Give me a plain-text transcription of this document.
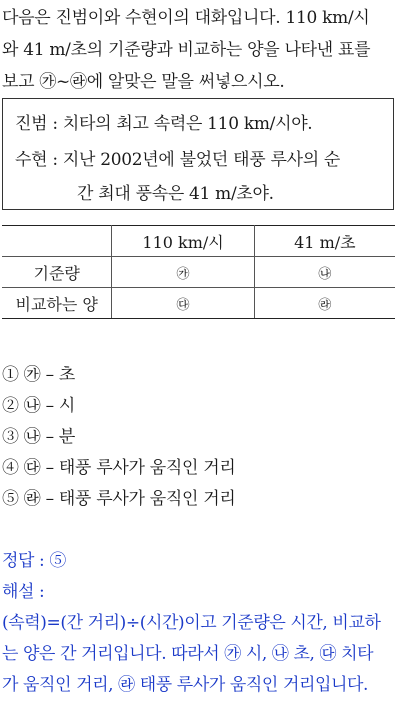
다음은 진범이와 수현이의 대화입니다. 110 km/시
와 41 m/초의 기준량과 비교하는 양을 나타낸 표를
보고 ㉮~㉱에 알맞은 말을 써넣으시오.
진범 : 치타의 최고 속력은 110 km/시야.
수현 : 지난 2002년에 불었던 태풍 루사의 순
간 최대 풍속은 41 m/초야.
	110 km/시	41 m/초
기준량	㉮	㉯
비교하는 양	㉰	㉱
① ㉮ – 초
② ㉯ – 시
③ ㉯ – 분
④ ㉰ – 태풍 루사가 움직인 거리
⑤ ㉱ – 태풍 루사가 움직인 거리
정답 : ⑤
해설 :
(속력)=(간 거리)÷(시간)이고 기준량은 시간, 비교하
는 양은 간 거리입니다. 따라서 ㉮ 시, ㉯ 초, ㉰ 치타
가 움직인 거리, ㉱ 태풍 루사가 움직인 거리입니다.
